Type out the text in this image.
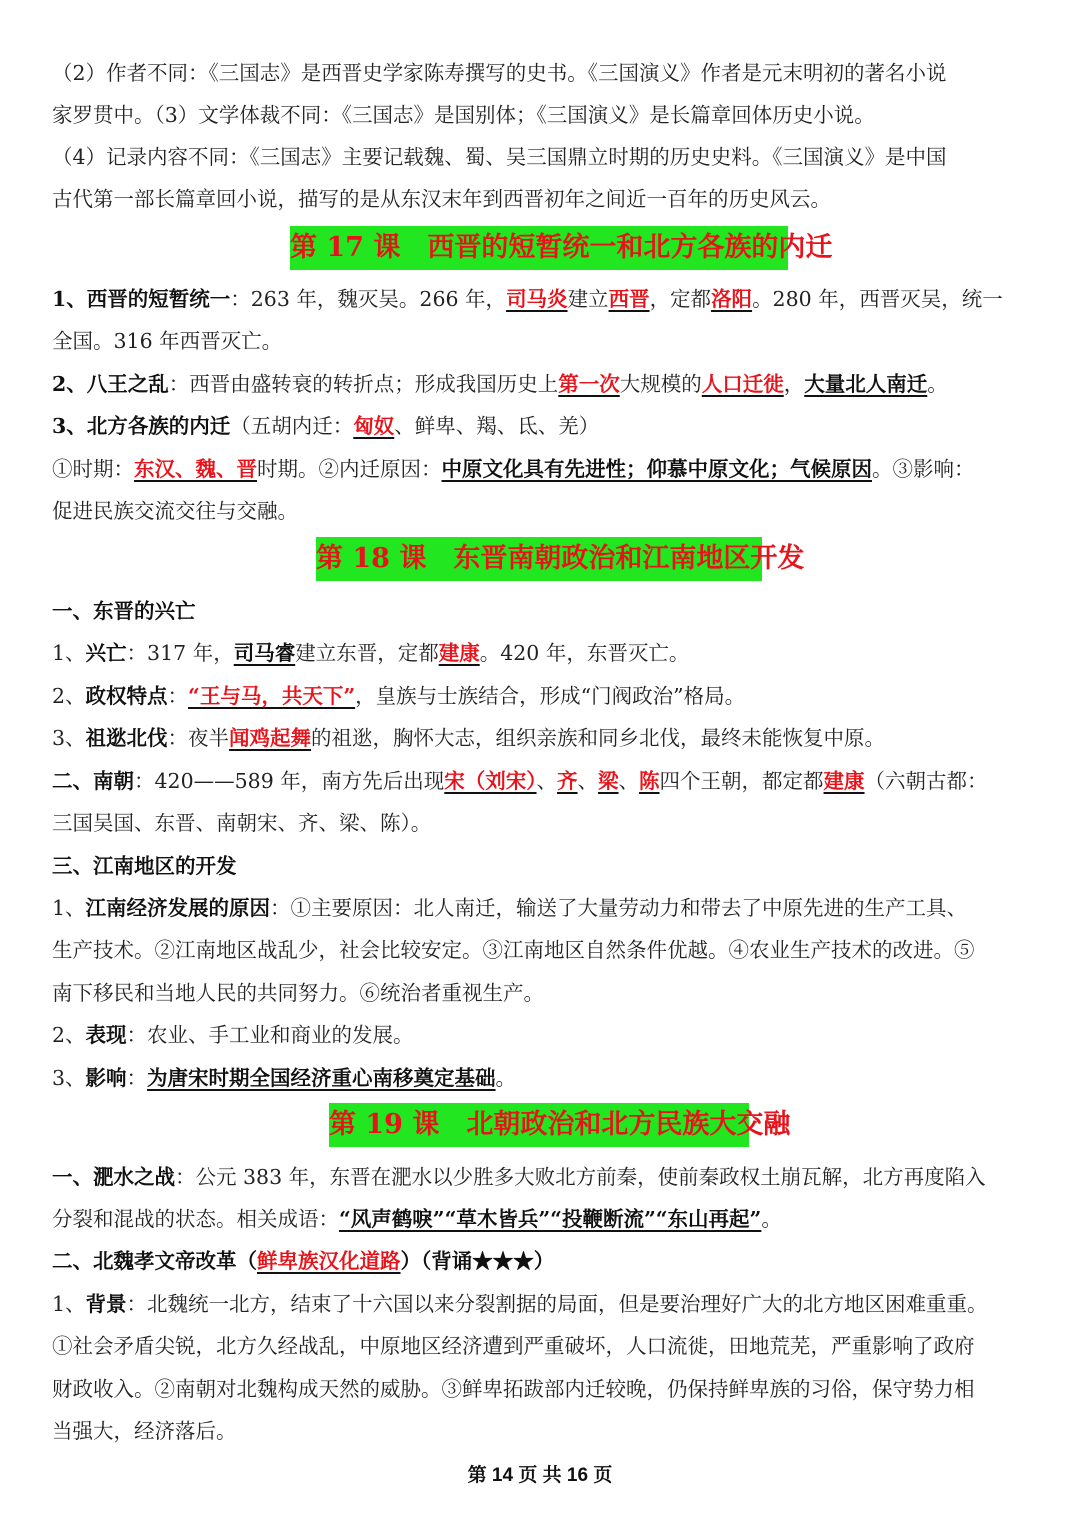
（2）作者不同：《三国志》是西晋史学家陈寿撰写的史书。《三国演义》作者是元末明初的著名小说
家罗贯中。（3）文学体裁不同：《三国志》是国别体；《三国演义》是长篇章回体历史小说。
（4）记录内容不同：《三国志》主要记载魏、蜀、吴三国鼎立时期的历史史料。《三国演义》是中国
古代第一部长篇章回小说，描写的是从东汉末年到西晋初年之间近一百年的历史风云。
第 17 课　西晋的短暂统一和北方各族的内迁
1、西晋的短暂统一：263 年，魏灭吴。266 年，司马炎建立西晋，定都洛阳。280 年，西晋灭吴，统一
全国。316 年西晋灭亡。
2、八王之乱：西晋由盛转衰的转折点；形成我国历史上第一次大规模的人口迁徙，大量北人南迁。
3、北方各族的内迁（五胡内迁：匈奴、鲜卑、羯、氐、羌）
①时期：东汉、魏、晋时期。②内迁原因：中原文化具有先进性；仰慕中原文化；气候原因。③影响：
促进民族交流交往与交融。
第 18 课　东晋南朝政治和江南地区开发
一、东晋的兴亡
1、兴亡：317 年，司马睿建立东晋，定都建康。420 年，东晋灭亡。
2、政权特点：“王与马，共天下”，皇族与士族结合，形成“门阀政治”格局。
3、祖逖北伐：夜半闻鸡起舞的祖逖，胸怀大志，组织亲族和同乡北伐，最终未能恢复中原。
二、南朝：420——589 年，南方先后出现宋（刘宋）、齐、梁、陈四个王朝，都定都建康（六朝古都：
三国吴国、东晋、南朝宋、齐、梁、陈）。
三、江南地区的开发
1、江南经济发展的原因：①主要原因：北人南迁，输送了大量劳动力和带去了中原先进的生产工具、
生产技术。②江南地区战乱少，社会比较安定。③江南地区自然条件优越。④农业生产技术的改进。⑤
南下移民和当地人民的共同努力。⑥统治者重视生产。
2、表现：农业、手工业和商业的发展。
3、影响：为唐宋时期全国经济重心南移奠定基础。
第 19 课　北朝政治和北方民族大交融
一、淝水之战：公元 383 年，东晋在淝水以少胜多大败北方前秦，使前秦政权土崩瓦解，北方再度陷入
分裂和混战的状态。相关成语：“风声鹤唳”“草木皆兵”“投鞭断流”“东山再起”。
二、北魏孝文帝改革（鲜卑族汉化道路）（背诵★★★）
1、背景：北魏统一北方，结束了十六国以来分裂割据的局面，但是要治理好广大的北方地区困难重重。
①社会矛盾尖锐，北方久经战乱，中原地区经济遭到严重破坏，人口流徙，田地荒芜，严重影响了政府
财政收入。②南朝对北魏构成天然的威胁。③鲜卑拓跋部内迁较晚，仍保持鲜卑族的习俗，保守势力相
当强大，经济落后。
第 14 页 共 16 页
